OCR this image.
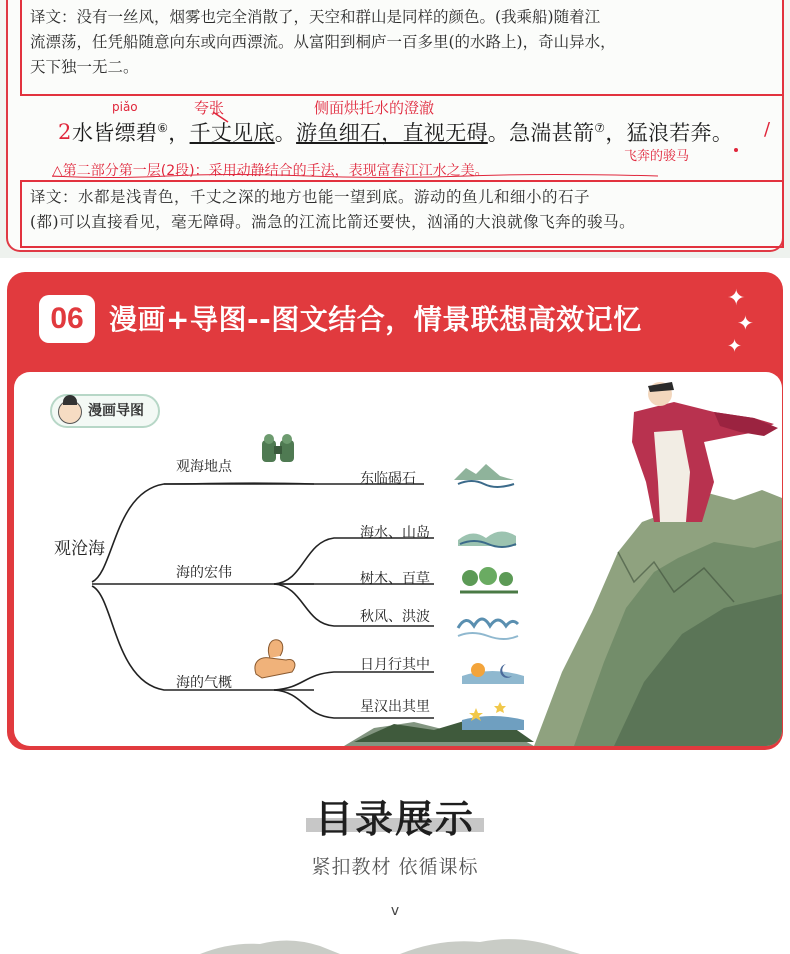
译文：没有一丝风，烟雾也完全消散了，天空和群山是同样的颜色。(我乘船)随着江
流漂荡，任凭船随意向东或向西漂流。从富阳到桐庐一百多里(的水路上)，奇山异水，
天下独一无二。
piǎo	夸张	侧面烘托水的澄澈
2 水皆缥碧⑥，千丈见底。游鱼细石，直视无碍。急湍甚箭⑦，猛浪若奔。 /
飞奔的骏马
△第二部分第一层(2段)：采用动静结合的手法，表现富春江江水之美。
译文：水都是浅青色，千丈之深的地方也能一望到底。游动的鱼儿和细小的石子
(都)可以直接看见，毫无障碍。湍急的江流比箭还要快，汹涌的大浪就像飞奔的骏马。
06 漫画+导图--图文结合，情景联想高效记忆
✦
✦
✦
漫画导图
观沧海
观海地点
东临碣石
海的宏伟
海水、山岛
树木、百草
秋风、洪波
海的气概
日月行其中
星汉出其里
目录展示
紧扣教材 依循课标
v
